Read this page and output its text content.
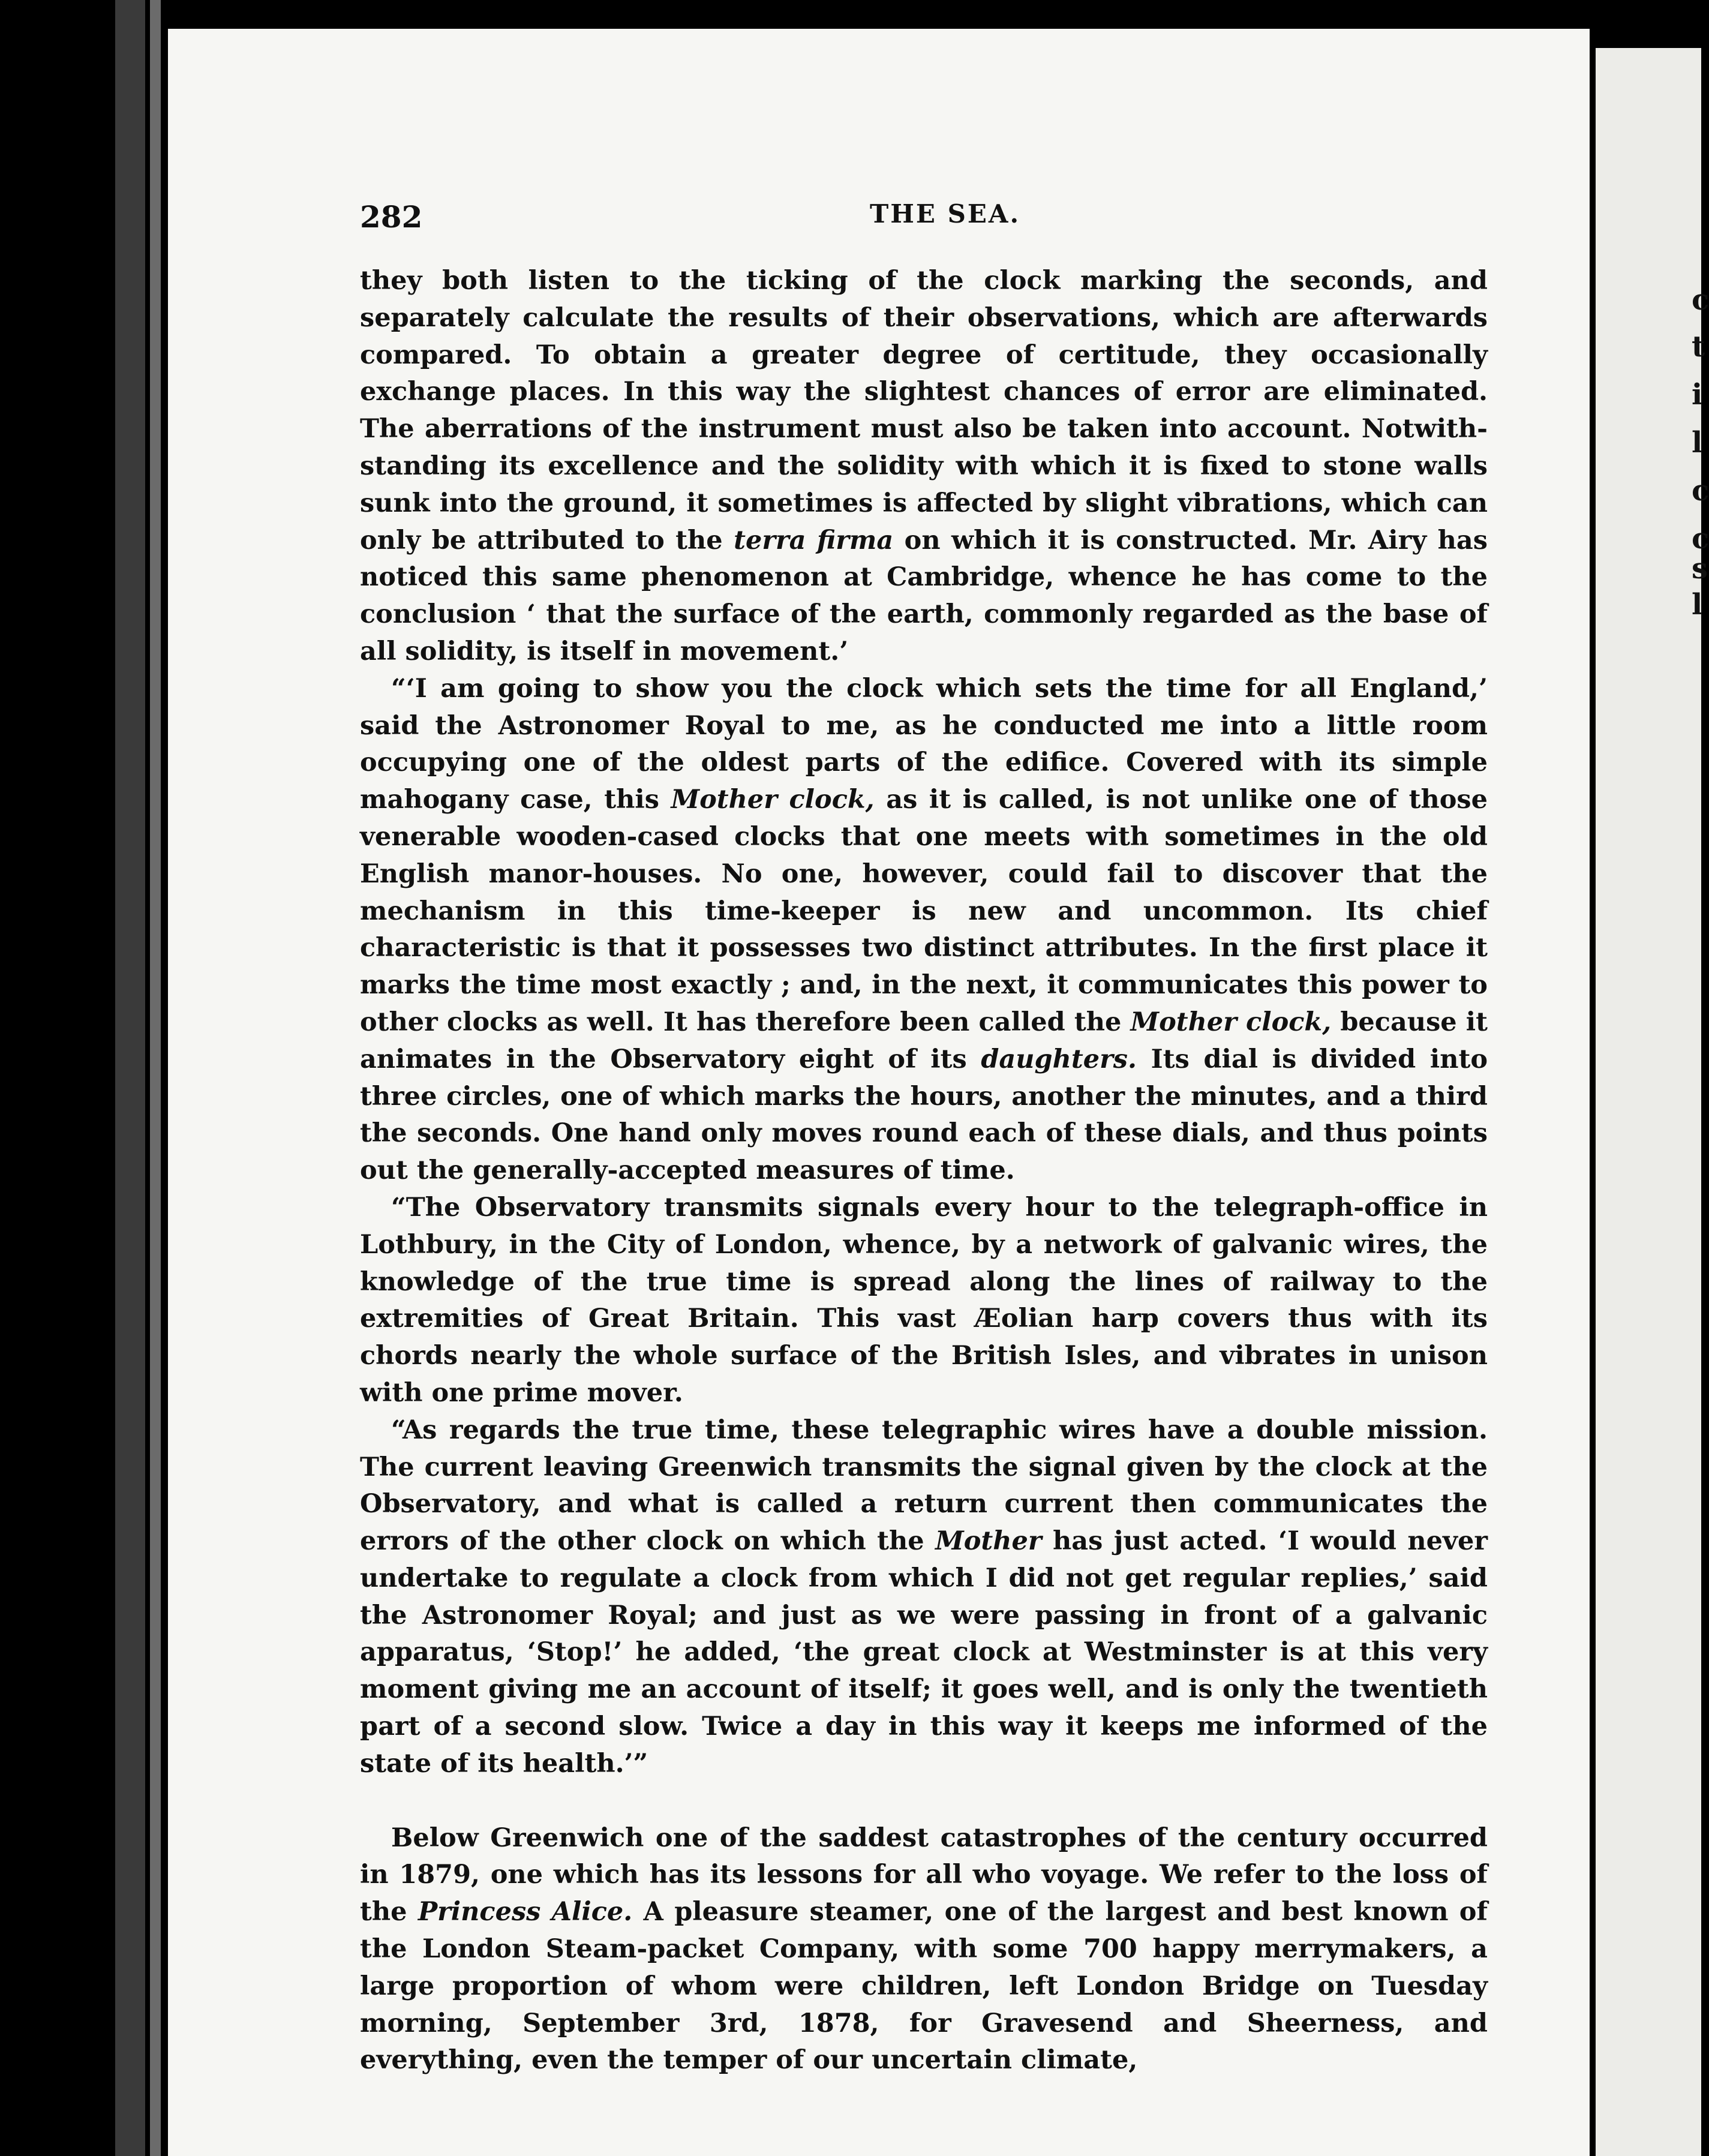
c
t
i
l
c
c
s
l
282	THE SEA.

they both listen to the ticking of the clock marking the seconds, and separately calculate the results of their observations, which are afterwards compared. To obtain a greater degree of certitude, they occasionally exchange places. In this way the slightest chances of error are eliminated. The aberrations of the instrument must also be taken into account. Notwith-standing its excellence and the solidity with which it is fixed to stone walls sunk into the ground, it sometimes is affected by slight vibrations, which can only be attributed to the terra firma on which it is constructed. Mr. Airy has noticed this same phenomenon at Cambridge, whence he has come to the conclusion ‘ that the surface of the earth, commonly regarded as the base of all solidity, is itself in movement.’

“‘I am going to show you the clock which sets the time for all England,’ said the Astronomer Royal to me, as he conducted me into a little room occupying one of the oldest parts of the edifice. Covered with its simple mahogany case, this Mother clock, as it is called, is not unlike one of those venerable wooden-cased clocks that one meets with sometimes in the old English manor-houses. No one, however, could fail to discover that the mechanism in this time-keeper is new and uncommon. Its chief characteristic is that it possesses two distinct attributes. In the first place it marks the time most exactly ; and, in the next, it communicates this power to other clocks as well. It has therefore been called the Mother clock, because it animates in the Observatory eight of its daughters. Its dial is divided into three circles, one of which marks the hours, another the minutes, and a third the seconds. One hand only moves round each of these dials, and thus points out the generally-accepted measures of time.

“The Observatory transmits signals every hour to the telegraph-office in Lothbury, in the City of London, whence, by a network of galvanic wires, the knowledge of the true time is spread along the lines of railway to the extremities of Great Britain. This vast Æolian harp covers thus with its chords nearly the whole surface of the British Isles, and vibrates in unison with one prime mover.

“As regards the true time, these telegraphic wires have a double mission. The current leaving Greenwich transmits the signal given by the clock at the Observatory, and what is called a return current then communicates the errors of the other clock on which the Mother has just acted. ‘I would never undertake to regulate a clock from which I did not get regular replies,’ said the Astronomer Royal; and just as we were passing in front of a galvanic apparatus, ‘Stop!’ he added, ‘the great clock at Westminster is at this very moment giving me an account of itself; it goes well, and is only the twentieth part of a second slow. Twice a day in this way it keeps me informed of the state of its health.’”

Below Greenwich one of the saddest catastrophes of the century occurred in 1879, one which has its lessons for all who voyage. We refer to the loss of the Princess Alice. A pleasure steamer, one of the largest and best known of the London Steam-packet Company, with some 700 happy merrymakers, a large proportion of whom were children, left London Bridge on Tuesday morning, September 3rd, 1878, for Gravesend and Sheerness, and everything, even the temper of our uncertain climate,
